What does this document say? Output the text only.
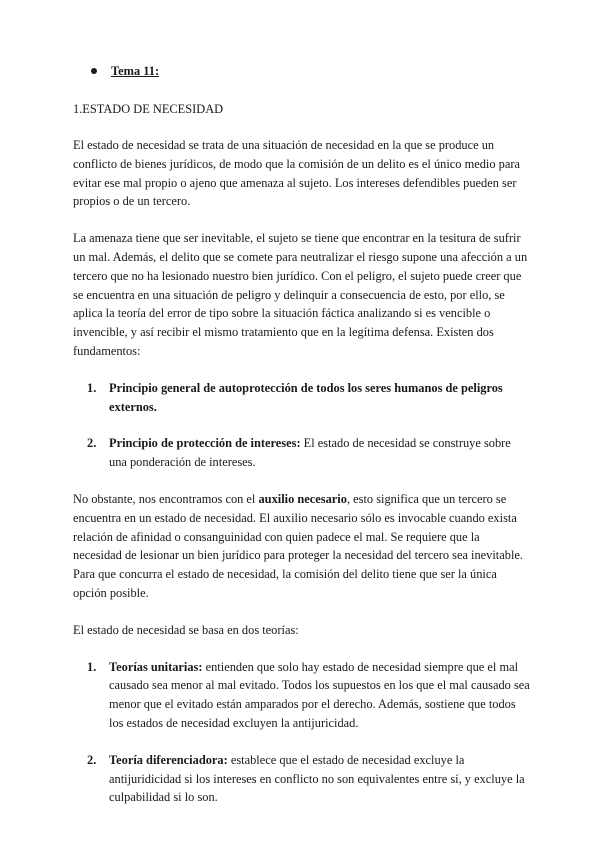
Tema 11:
1.ESTADO DE NECESIDAD

El estado de necesidad se trata de una situación de necesidad en la que se produce un conflicto de bienes jurídicos, de modo que la comisión de un delito es el único medio para evitar ese mal propio o ajeno que amenaza al sujeto. Los intereses defendibles pueden ser propios o de un tercero.

La amenaza tiene que ser inevitable, el sujeto se tiene que encontrar en la tesitura de sufrir un mal. Además, el delito que se comete para neutralizar el riesgo supone una afección a un tercero que no ha lesionado nuestro bien jurídico. Con el peligro, el sujeto puede creer que se encuentra en una situación de peligro y delinquir a consecuencia de esto, por ello, se aplica la teoría del error de tipo sobre la situación fáctica analizando si es vencible o invencible, y así recibir el mismo tratamiento que en la legítima defensa. Existen dos fundamentos:

1.	Principio general de autoprotección de todos los seres humanos de peligros externos.
2.	Principio de protección de intereses: El estado de necesidad se construye sobre una ponderación de intereses.

No obstante, nos encontramos con el auxilio necesario, esto significa que un tercero se encuentra en un estado de necesidad. El auxilio necesario sólo es invocable cuando exista relación de afinidad o consanguinidad con quien padece el mal. Se requiere que la necesidad de lesionar un bien jurídico para proteger la necesidad del tercero sea inevitable. Para que concurra el estado de necesidad, la comisión del delito tiene que ser la única opción posible.

El estado de necesidad se basa en dos teorías:

1.	Teorías unitarias: entienden que solo hay estado de necesidad siempre que el mal causado sea menor al mal evitado. Todos los supuestos en los que el mal causado sea menor que el evitado están amparados por el derecho. Además, sostiene que todos los estados de necesidad excluyen la antijuricidad.
2.	Teoría diferenciadora: establece que el estado de necesidad excluye la antijuridicidad si los intereses en conflicto no son equivalentes entre sí, y excluye la culpabilidad si lo son.
